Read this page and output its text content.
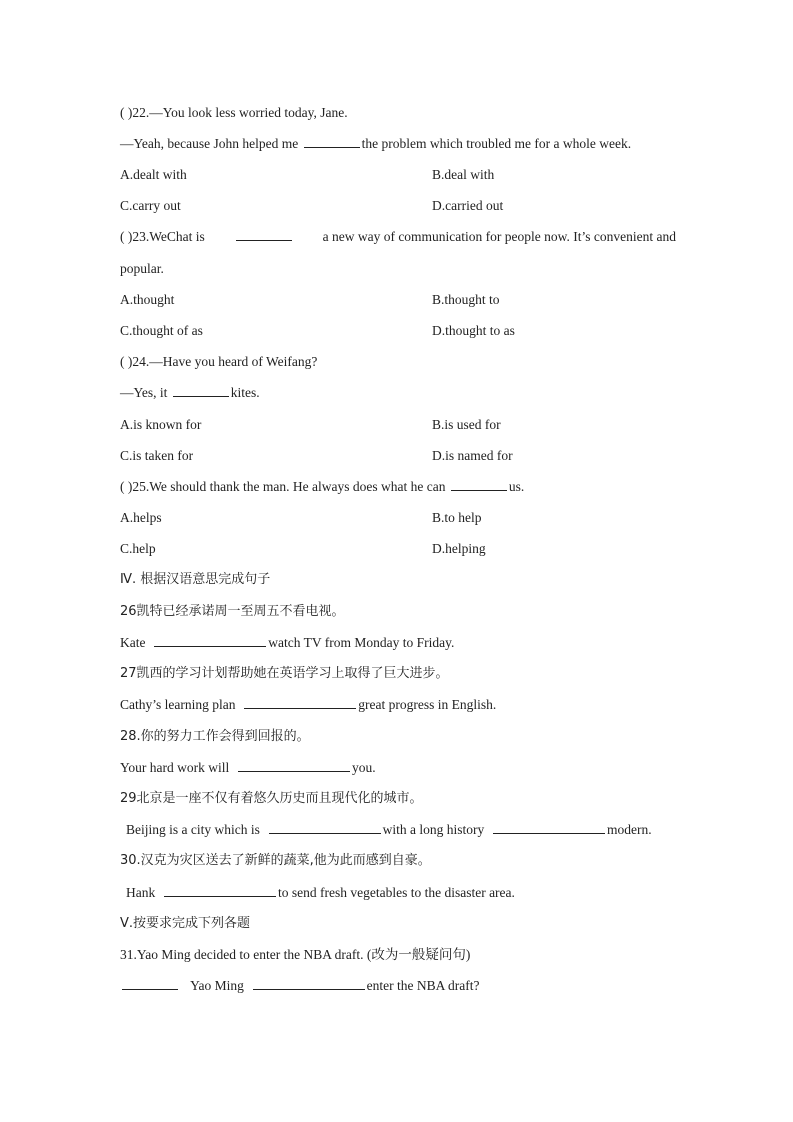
( )22.—You look less worried today, Jane.
—Yeah, because John helped me	the problem which troubled me for a whole week.
A.dealt with	B.deal with
C.carry out	D.carried out
( )23.WeChat is	a new way of communication for people now. It’s convenient and
popular.
A.thought	B.thought to
C.thought of as	D.thought to as
( )24.—Have you heard of Weifang?
—Yes, it	kites.
A.is known for	B.is used for
C.is taken for	D.is named for
( )25.We should thank the man. He always does what he can	us.
A.helps	B.to help
C.help	D.helping
Ⅳ. 根据汉语意思完成句子
26凯特已经承诺周一至周五不看电视。
Kate	watch TV from Monday to Friday.
27凯西的学习计划帮助她在英语学习上取得了巨大进步。
Cathy’s learning plan	great progress in English.
28.你的努力工作会得到回报的。
Your hard work will	you.
29北京是一座不仅有着悠久历史而且现代化的城市。
Beijing is a city which is	with a long history	modern.
30.汉克为灾区送去了新鲜的蔬菜,他为此而感到自豪。
Hank	to send fresh vegetables to the disaster area.
Ⅴ.按要求完成下列各题
31.Yao Ming decided to enter the NBA draft. (改为一般疑问句)
Yao Ming	enter the NBA draft?
